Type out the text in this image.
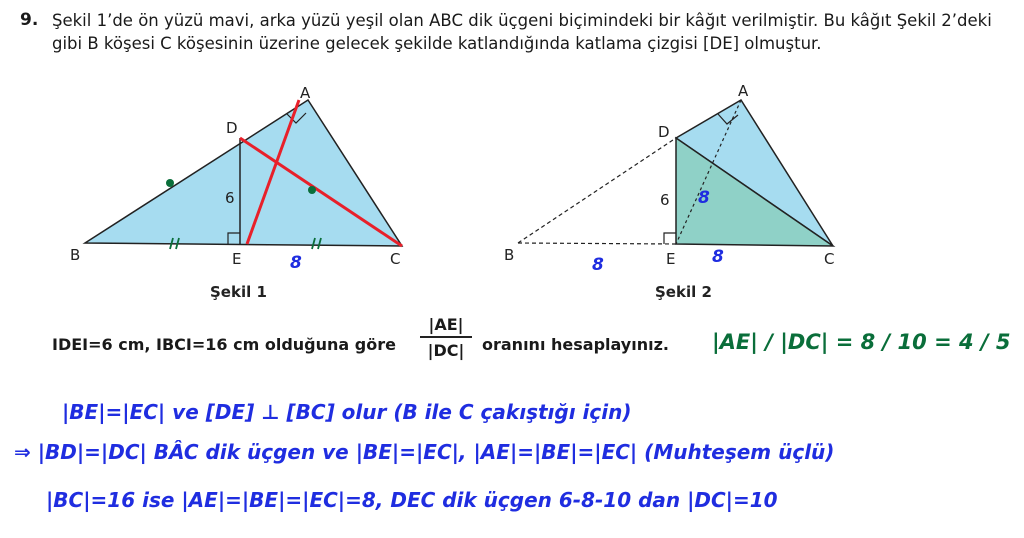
9. Şekil 1’de ön yüzü mavi, arka yüzü yeşil olan ABC dik üçgeni biçimindeki bir kâğıt verilmiştir. Bu kâğıt Şekil 2’deki gibi B köşesi C köşesinin üzerine gelecek şekilde katlandığında katlama çizgisi [DE] olmuştur.
A
B	C
D
E
6
8
Şekil 1
A
B	C
D
E
6 8
8	8
Şekil 2
IDEI=6 cm, IBCI=16 cm olduğuna göre $\frac{|AE|}{|DC|}$ oranını hesaplayınız. |AE| / |DC| = 8 / 10 = 4 / 5
|BE|=|EC| ve [DE] ⊥ [BC] olur (B ile C çakıştığı için)
⇒ |BD|=|DC| BÂC dik üçgen ve |BE|=|EC|, |AE|=|BE|=|EC| (Muhteşem üçlü)
|BC|=16 ise |AE|=|BE|=|EC|=8, DEC dik üçgen 6-8-10 dan |DC|=10
